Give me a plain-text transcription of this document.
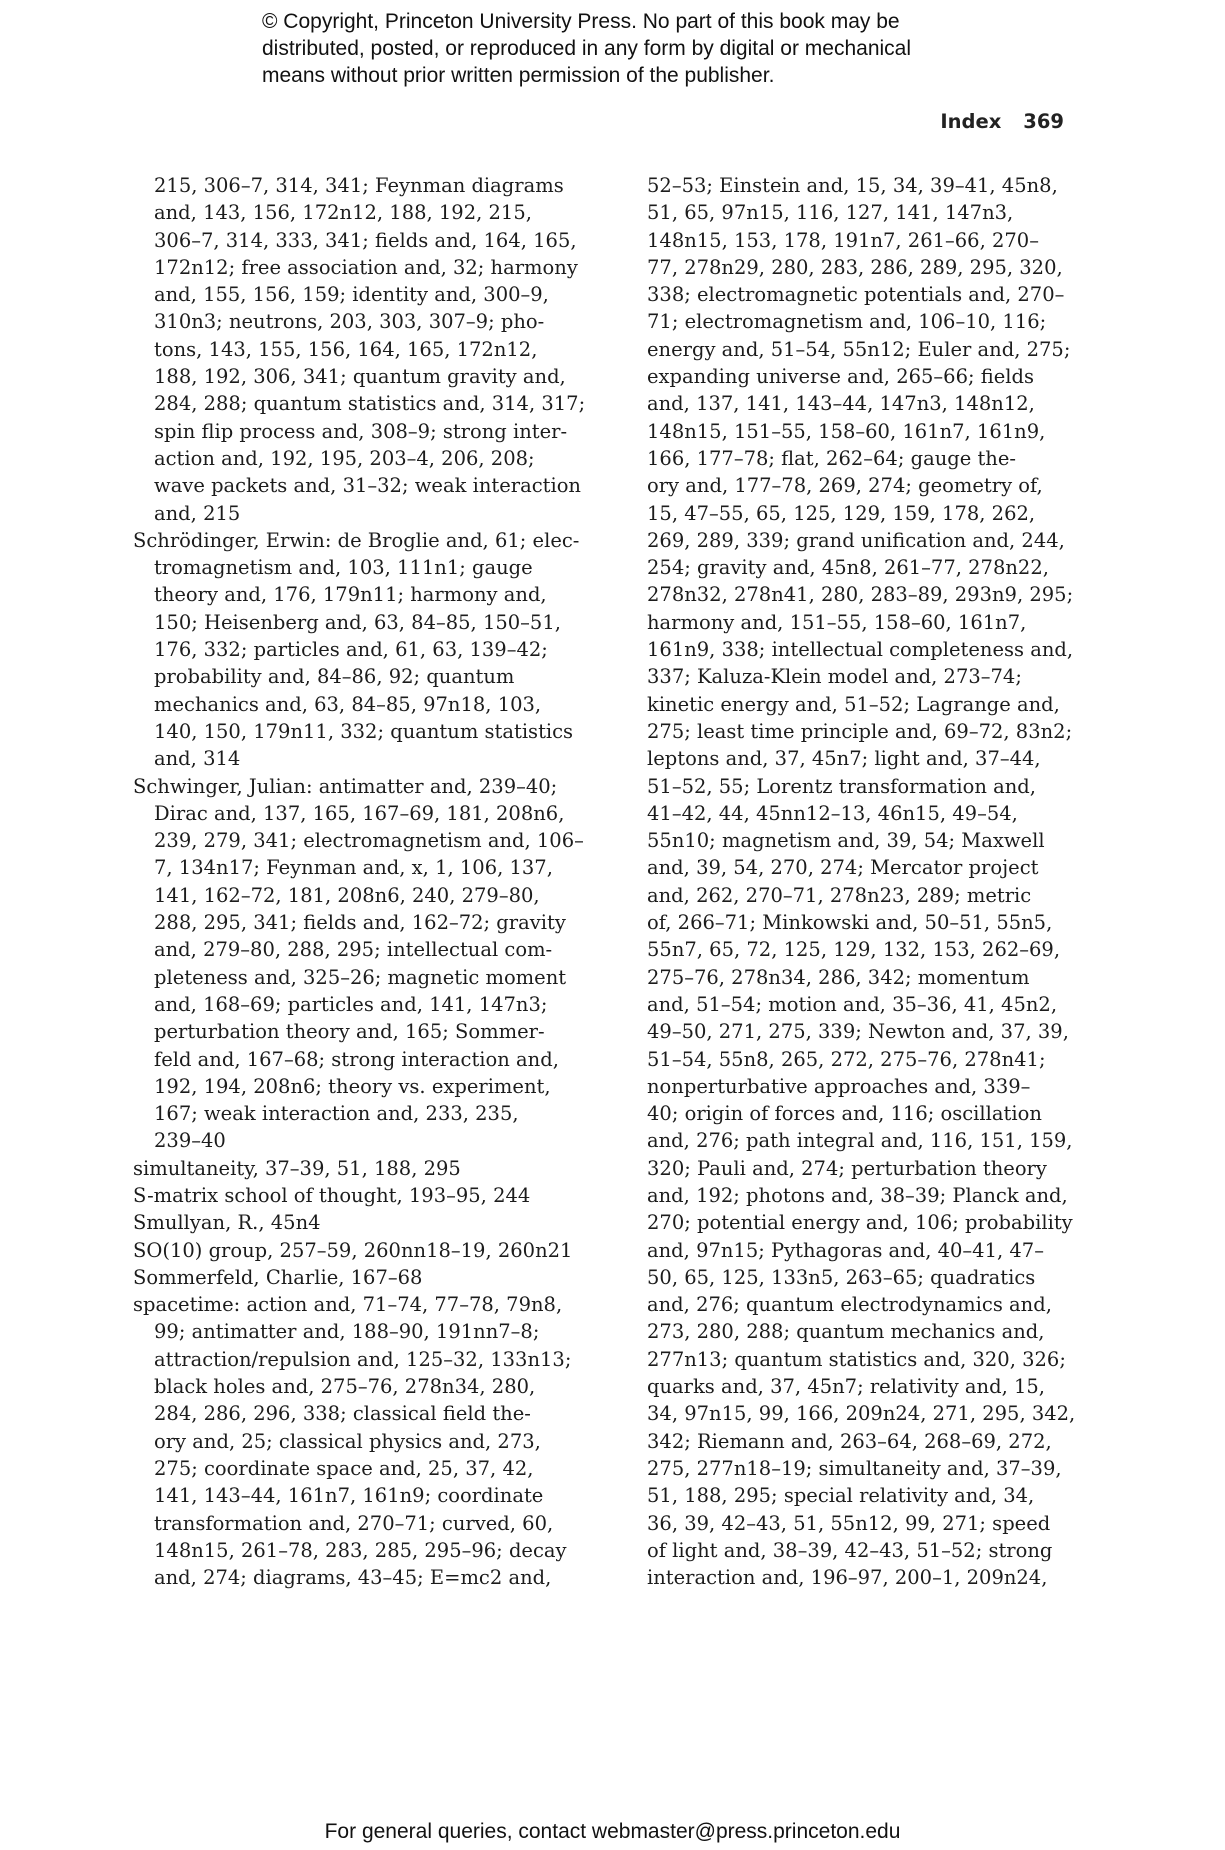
© Copyright, Princeton University Press. No part of this book may be
distributed, posted, or reproduced in any form by digital or mechanical
means without prior written permission of the publisher.
Index 369
215, 306–7, 314, 341; Feynman diagrams
and, 143, 156, 172n12, 188, 192, 215,
306–7, 314, 333, 341; fields and, 164, 165,
172n12; free association and, 32; harmony
and, 155, 156, 159; identity and, 300–9,
310n3; neutrons, 203, 303, 307–9; pho-
tons, 143, 155, 156, 164, 165, 172n12,
188, 192, 306, 341; quantum gravity and,
284, 288; quantum statistics and, 314, 317;
spin flip process and, 308–9; strong inter-
action and, 192, 195, 203–4, 206, 208;
wave packets and, 31–32; weak interaction
and, 215
Schrödinger, Erwin: de Broglie and, 61; elec-
tromagnetism and, 103, 111n1; gauge
theory and, 176, 179n11; harmony and,
150; Heisenberg and, 63, 84–85, 150–51,
176, 332; particles and, 61, 63, 139–42;
probability and, 84–86, 92; quantum
mechanics and, 63, 84–85, 97n18, 103,
140, 150, 179n11, 332; quantum statistics
and, 314
Schwinger, Julian: antimatter and, 239–40;
Dirac and, 137, 165, 167–69, 181, 208n6,
239, 279, 341; electromagnetism and, 106–
7, 134n17; Feynman and, x, 1, 106, 137,
141, 162–72, 181, 208n6, 240, 279–80,
288, 295, 341; fields and, 162–72; gravity
and, 279–80, 288, 295; intellectual com-
pleteness and, 325–26; magnetic moment
and, 168–69; particles and, 141, 147n3;
perturbation theory and, 165; Sommer-
feld and, 167–68; strong interaction and,
192, 194, 208n6; theory vs. experiment,
167; weak interaction and, 233, 235,
239–40
simultaneity, 37–39, 51, 188, 295
S-matrix school of thought, 193–95, 244
Smullyan, R., 45n4
SO(10) group, 257–59, 260nn18–19, 260n21
Sommerfeld, Charlie, 167–68
spacetime: action and, 71–74, 77–78, 79n8,
99; antimatter and, 188–90, 191nn7–8;
attraction/repulsion and, 125–32, 133n13;
black holes and, 275–76, 278n34, 280,
284, 286, 296, 338; classical field the-
ory and, 25; classical physics and, 273,
275; coordinate space and, 25, 37, 42,
141, 143–44, 161n7, 161n9; coordinate
transformation and, 270–71; curved, 60,
148n15, 261–78, 283, 285, 295–96; decay
and, 274; diagrams, 43–45; E=mc2 and,
52–53; Einstein and, 15, 34, 39–41, 45n8,
51, 65, 97n15, 116, 127, 141, 147n3,
148n15, 153, 178, 191n7, 261–66, 270–
77, 278n29, 280, 283, 286, 289, 295, 320,
338; electromagnetic potentials and, 270–
71; electromagnetism and, 106–10, 116;
energy and, 51–54, 55n12; Euler and, 275;
expanding universe and, 265–66; fields
and, 137, 141, 143–44, 147n3, 148n12,
148n15, 151–55, 158–60, 161n7, 161n9,
166, 177–78; flat, 262–64; gauge the-
ory and, 177–78, 269, 274; geometry of,
15, 47–55, 65, 125, 129, 159, 178, 262,
269, 289, 339; grand unification and, 244,
254; gravity and, 45n8, 261–77, 278n22,
278n32, 278n41, 280, 283–89, 293n9, 295;
harmony and, 151–55, 158–60, 161n7,
161n9, 338; intellectual completeness and,
337; Kaluza-Klein model and, 273–74;
kinetic energy and, 51–52; Lagrange and,
275; least time principle and, 69–72, 83n2;
leptons and, 37, 45n7; light and, 37–44,
51–52, 55; Lorentz transformation and,
41–42, 44, 45nn12–13, 46n15, 49–54,
55n10; magnetism and, 39, 54; Maxwell
and, 39, 54, 270, 274; Mercator project
and, 262, 270–71, 278n23, 289; metric
of, 266–71; Minkowski and, 50–51, 55n5,
55n7, 65, 72, 125, 129, 132, 153, 262–69,
275–76, 278n34, 286, 342; momentum
and, 51–54; motion and, 35–36, 41, 45n2,
49–50, 271, 275, 339; Newton and, 37, 39,
51–54, 55n8, 265, 272, 275–76, 278n41;
nonperturbative approaches and, 339–
40; origin of forces and, 116; oscillation
and, 276; path integral and, 116, 151, 159,
320; Pauli and, 274; perturbation theory
and, 192; photons and, 38–39; Planck and,
270; potential energy and, 106; probability
and, 97n15; Pythagoras and, 40–41, 47–
50, 65, 125, 133n5, 263–65; quadratics
and, 276; quantum electrodynamics and,
273, 280, 288; quantum mechanics and,
277n13; quantum statistics and, 320, 326;
quarks and, 37, 45n7; relativity and, 15,
34, 97n15, 99, 166, 209n24, 271, 295, 342,
342; Riemann and, 263–64, 268–69, 272,
275, 277n18–19; simultaneity and, 37–39,
51, 188, 295; special relativity and, 34,
36, 39, 42–43, 51, 55n12, 99, 271; speed
of light and, 38–39, 42–43, 51–52; strong
interaction and, 196–97, 200–1, 209n24,
For general queries, contact webmaster@press.princeton.edu
